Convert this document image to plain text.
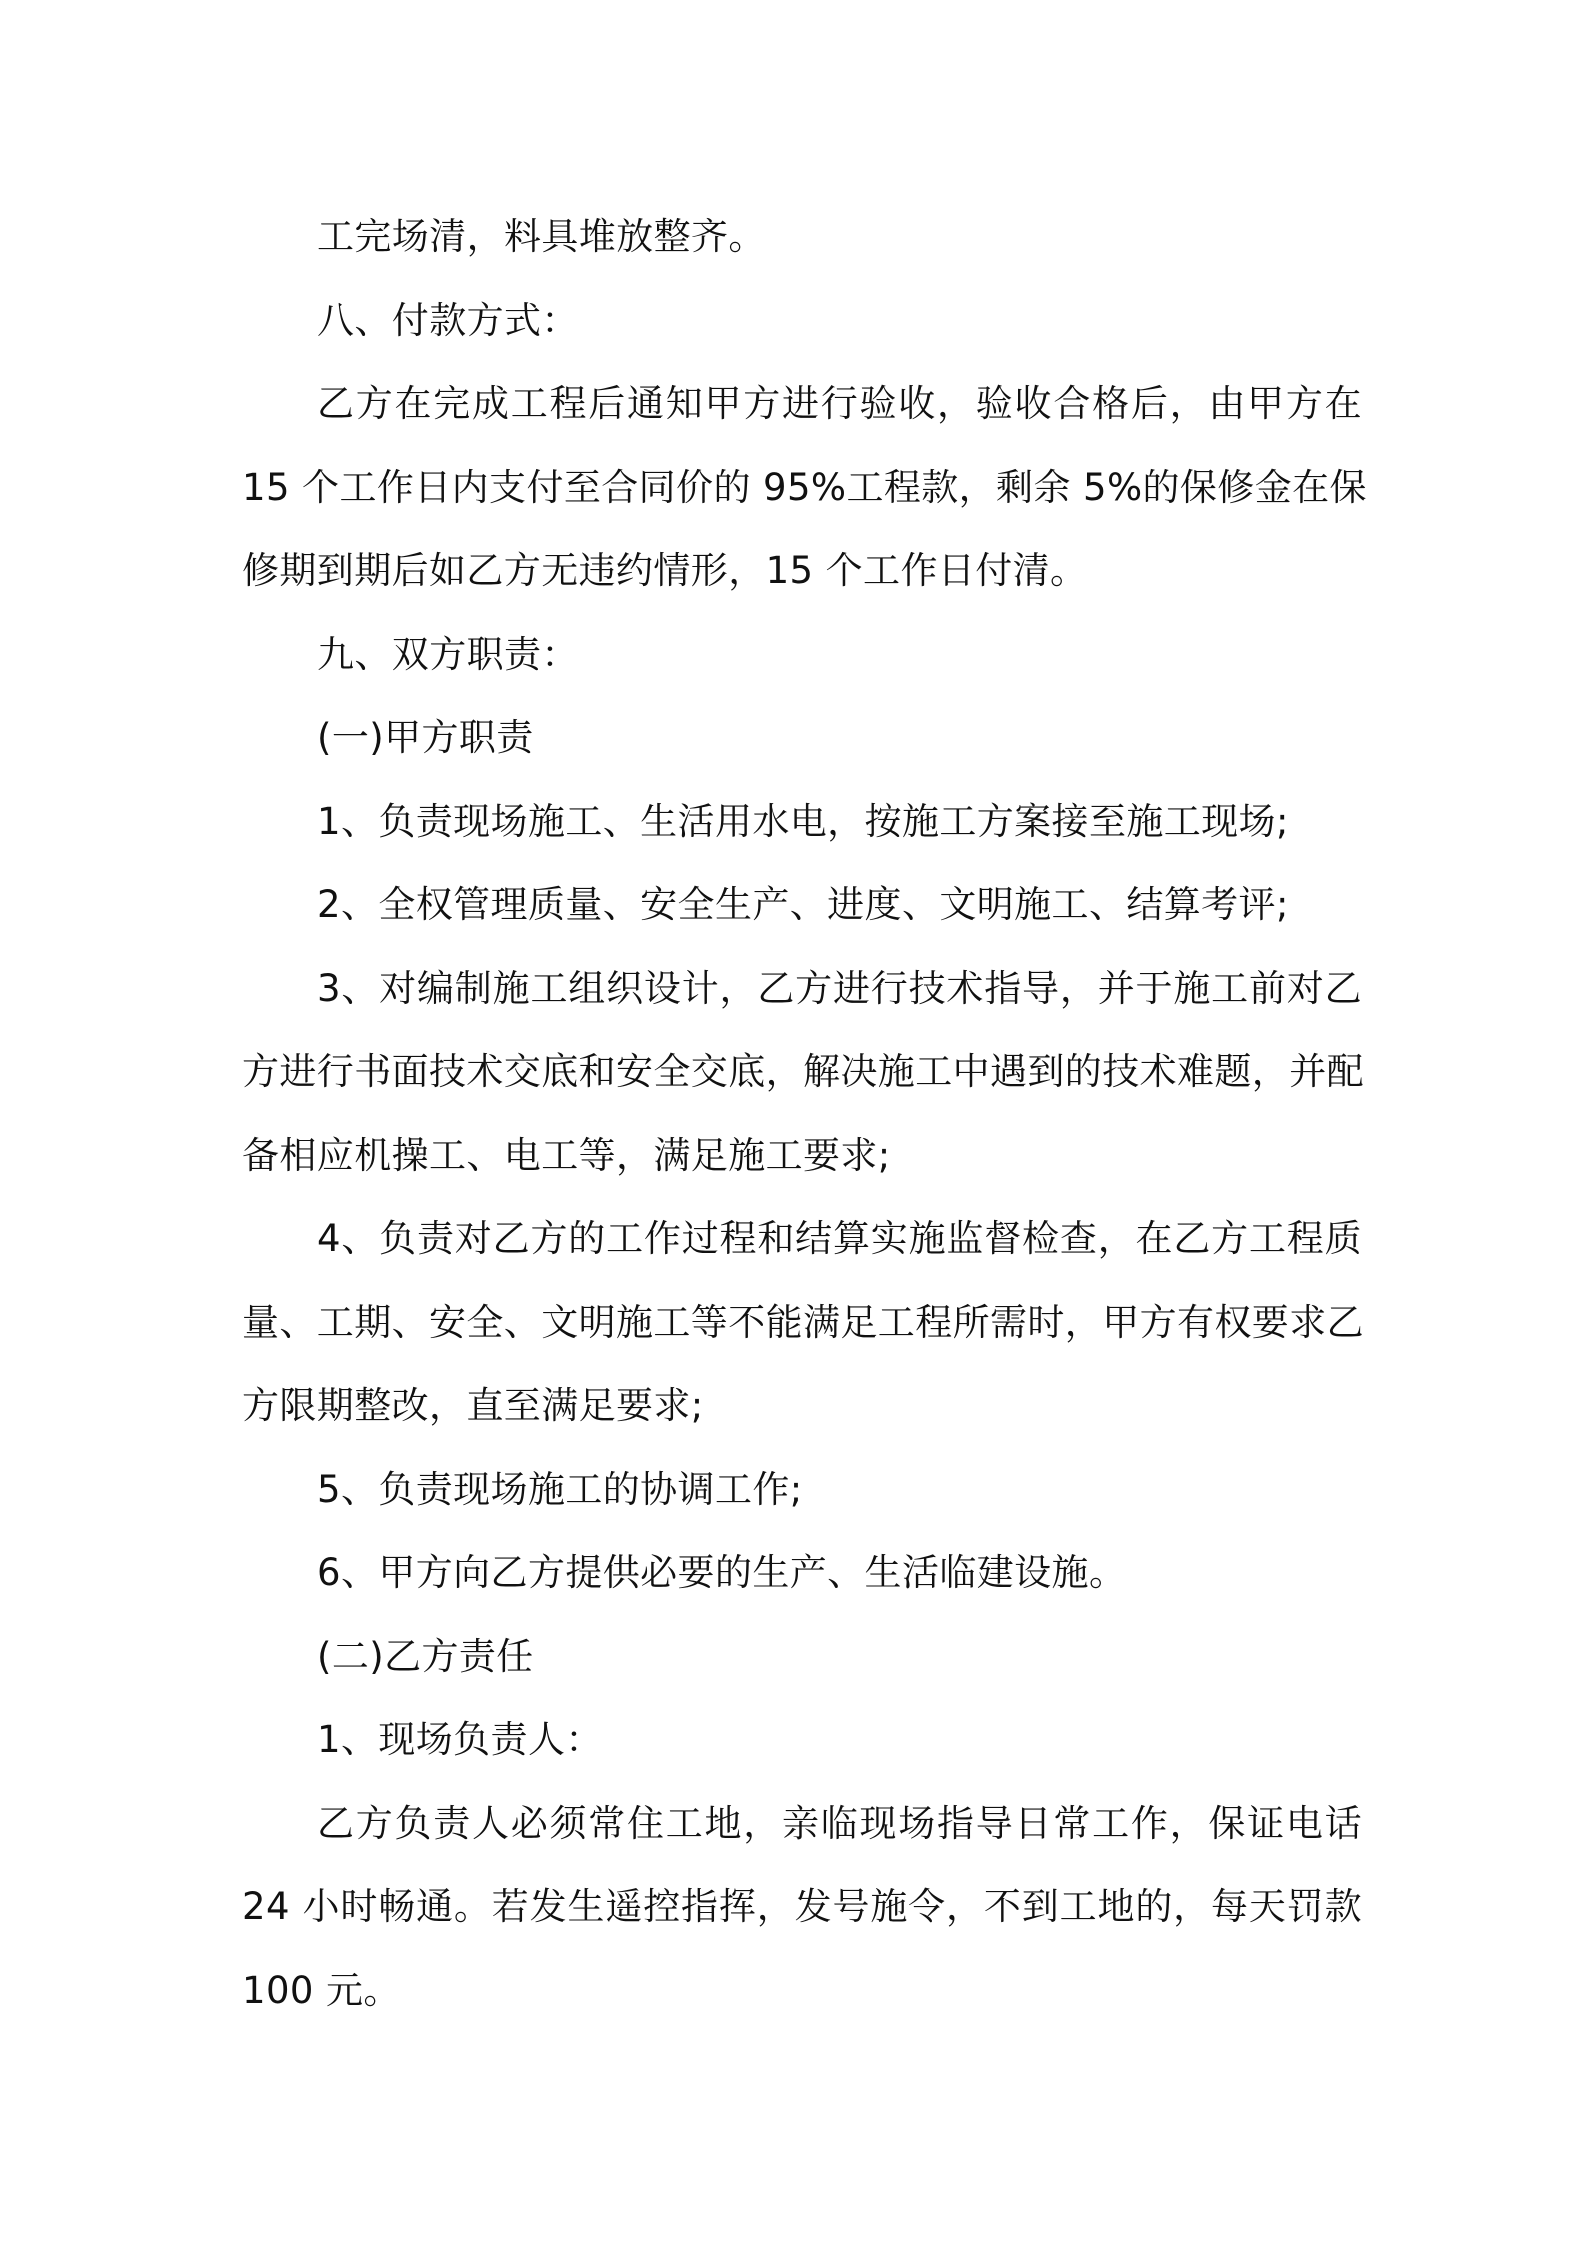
工完场清，料具堆放整齐。

八、付款方式：

乙方在完成工程后通知甲方进行验收，验收合格后，由甲方在

15 个工作日内支付至合同价的 95%工程款，剩余 5%的保修金在保

修期到期后如乙方无违约情形，15 个工作日付清。

九、双方职责：

(一)甲方职责

1、负责现场施工、生活用水电，按施工方案接至施工现场;

2、全权管理质量、安全生产、进度、文明施工、结算考评;

3、对编制施工组织设计，乙方进行技术指导，并于施工前对乙

方进行书面技术交底和安全交底，解决施工中遇到的技术难题，并配

备相应机操工、电工等，满足施工要求;

4、负责对乙方的工作过程和结算实施监督检查，在乙方工程质

量、工期、安全、文明施工等不能满足工程所需时，甲方有权要求乙

方限期整改，直至满足要求;

5、负责现场施工的协调工作;

6、甲方向乙方提供必要的生产、生活临建设施。

(二)乙方责任

1、现场负责人：

乙方负责人必须常住工地，亲临现场指导日常工作，保证电话

24 小时畅通。若发生遥控指挥，发号施令，不到工地的，每天罚款

100 元。
